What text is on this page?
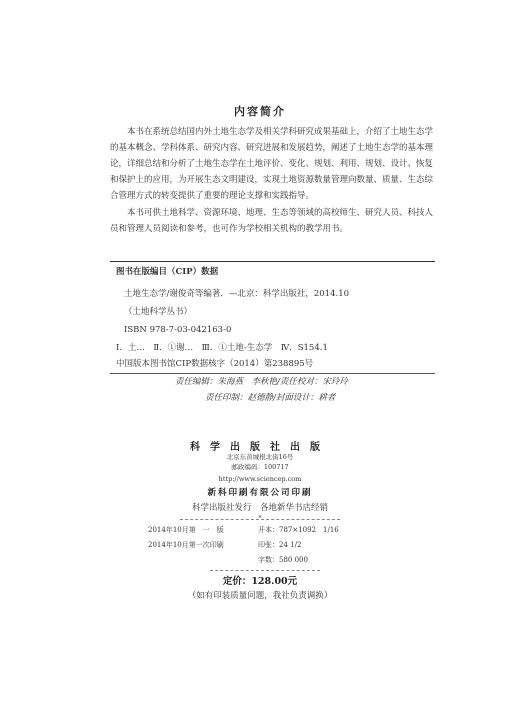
内容简介
本书在系统总结国内外土地生态学及相关学科研究成果基础上，介绍了土地生态学的基本概念、学科体系、研究内容、研究进展和发展趋势，阐述了土地生态学的基本理论，详细总结和分析了土地生态学在土地评价、变化、规划、利用、规划、设计、恢复和保护上的应用，为开展生态文明建设，实现土地资源数量管理向数量、质量、生态综合管理方式的转变提供了重要的理论支撑和实践指导。
本书可供土地科学、资源环境、地理、生态等领域的高校师生、研究人员、科技人员和管理人员阅读和参考，也可作为学校相关机构的教学用书。
图书在版编目（CIP）数据
土地生态学/谢俊奇等编著．—北京：科学出版社，2014.10
（土地科学丛书）
ISBN 978-7-03-042163-0
Ⅰ．土…　Ⅱ．①谢…　Ⅲ．①土地-生态学　Ⅳ．S154.1
中国版本图书馆CIP数据核字（2014）第238895号
责任编辑：朱海燕　李秋艳/责任校对：宋玲玲
责任印制：赵德静/封面设计：耕者
科学出版社出版
北京东黄城根北街16号
邮政编码：100717
http://www.sciencep.com
新科印刷有限公司印刷
科学出版社发行　各地新华书店经销
*
2014年10月第　一　版	开本：787×1092　1/16
2014年10月第一次印刷	印张：24 1/2
字数：580 000
定价：128.00元
（如有印装质量问题，我社负责调换）
